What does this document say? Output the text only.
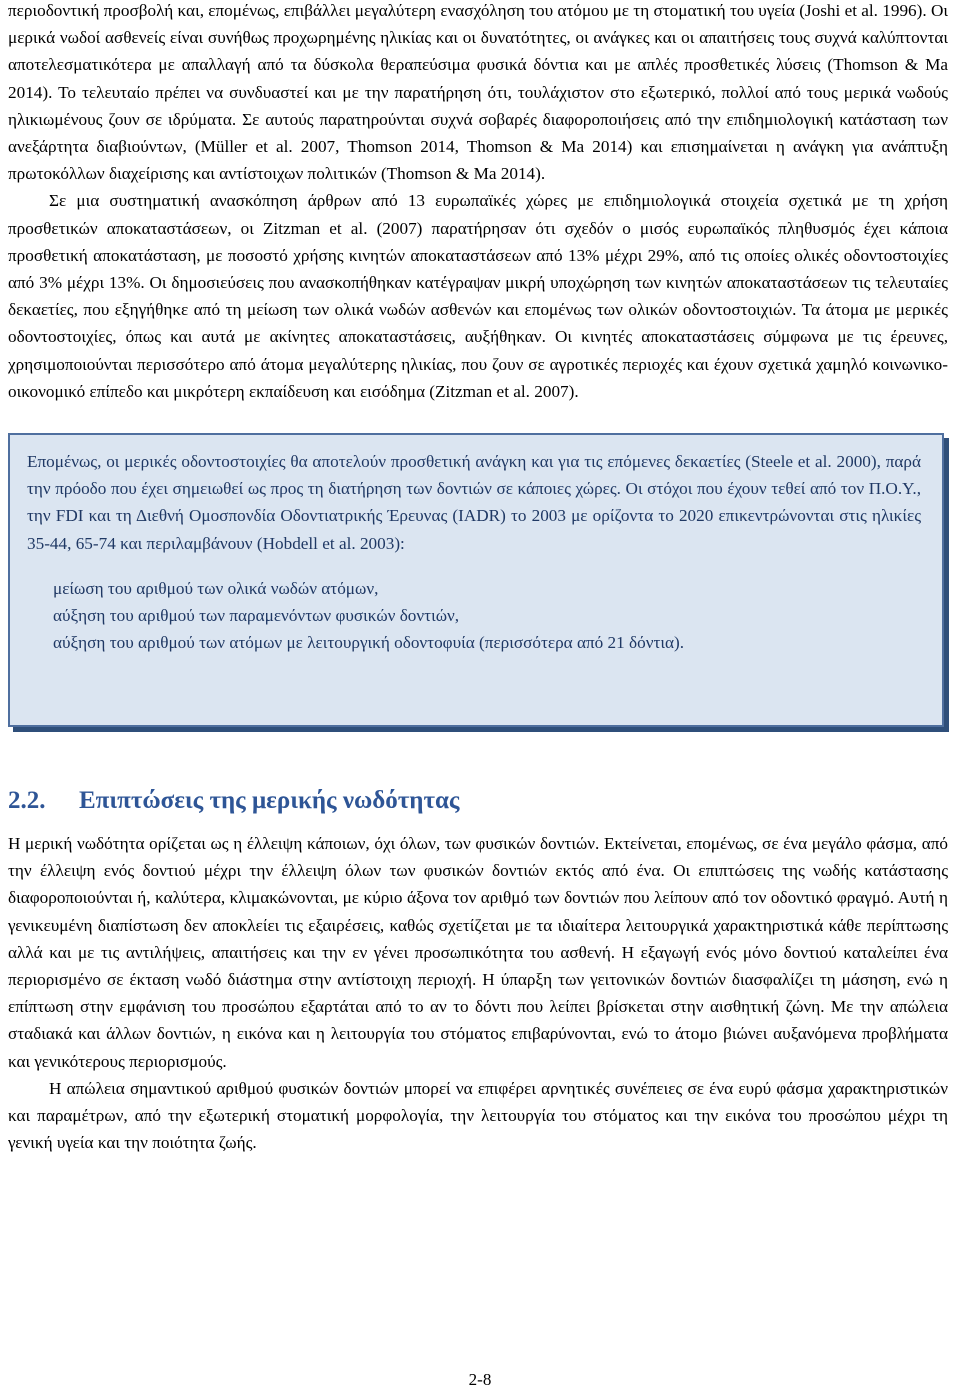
περιοδοντική προσβολή και, επομένως, επιβάλλει μεγαλύτερη ενασχόληση του ατόμου με τη στοματική του υγεία (Joshi et al. 1996). Οι μερικά νωδοί ασθενείς είναι συνήθως προχωρημένης ηλικίας και οι δυνατότητες, οι ανάγκες και οι απαιτήσεις τους συχνά καλύπτονται αποτελεσματικότερα με απαλλαγή από τα δύσκολα θεραπεύσιμα φυσικά δόντια και με απλές προσθετικές λύσεις (Thomson & Ma 2014). Το τελευταίο πρέπει να συνδυαστεί και με την παρατήρηση ότι, τουλάχιστον στο εξωτερικό, πολλοί από τους μερικά νωδούς ηλικιωμένους ζουν σε ιδρύματα. Σε αυτούς παρατηρούνται συχνά σοβαρές διαφοροποιήσεις από την επιδημιολογική κατάσταση των ανεξάρτητα διαβιούντων, (Müller et al. 2007, Thomson 2014, Thomson & Ma 2014) και επισημαίνεται η ανάγκη για ανάπτυξη πρωτοκόλλων διαχείρισης και αντίστοιχων πολιτικών (Thomson & Ma 2014).

Σε μια συστηματική ανασκόπηση άρθρων από 13 ευρωπαϊκές χώρες με επιδημιολογικά στοιχεία σχετικά με τη χρήση προσθετικών αποκαταστάσεων, οι Zitzman et al. (2007) παρατήρησαν ότι σχεδόν ο μισός ευρωπαϊκός πληθυσμός έχει κάποια προσθετική αποκατάσταση, με ποσοστό χρήσης κινητών αποκαταστάσεων από 13% μέχρι 29%, από τις οποίες ολικές οδοντοστοιχίες από 3% μέχρι 13%. Οι δημοσιεύσεις που ανασκοπήθηκαν κατέγραψαν μικρή υποχώρηση των κινητών αποκαταστάσεων τις τελευταίες δεκαετίες, που εξηγήθηκε από τη μείωση των ολικά νωδών ασθενών και επομένως των ολικών οδοντοστοιχιών. Τα άτομα με μερικές οδοντοστοιχίες, όπως και αυτά με ακίνητες αποκαταστάσεις, αυξήθηκαν. Οι κινητές αποκαταστάσεις σύμφωνα με τις έρευνες, χρησιμοποιούνται περισσότερο από άτομα μεγαλύτερης ηλικίας, που ζουν σε αγροτικές περιοχές και έχουν σχετικά χαμηλό κοινωνικο-οικονομικό επίπεδο και μικρότερη εκπαίδευση και εισόδημα (Zitzman et al. 2007).

Επομένως, οι μερικές οδοντοστοιχίες θα αποτελούν προσθετική ανάγκη και για τις επόμενες δεκαετίες (Steele et al. 2000), παρά την πρόοδο που έχει σημειωθεί ως προς τη διατήρηση των δοντιών σε κάποιες χώρες. Οι στόχοι που έχουν τεθεί από τον Π.Ο.Υ., την FDI και τη Διεθνή Ομοσπονδία Οδοντιατρικής Έρευνας (IADR) το 2003 με ορίζοντα το 2020 επικεντρώνονται στις ηλικίες 35-44, 65-74 και περιλαμβάνουν (Hobdell et al. 2003):

μείωση του αριθμού των ολικά νωδών ατόμων,
αύξηση του αριθμού των παραμενόντων φυσικών δοντιών,
αύξηση του αριθμού των ατόμων με λειτουργική οδοντοφυία (περισσότερα από 21 δόντια).
2.2.	Επιπτώσεις της μερικής νωδότητας

Η μερική νωδότητα ορίζεται ως η έλλειψη κάποιων, όχι όλων, των φυσικών δοντιών. Εκτείνεται, επομένως, σε ένα μεγάλο φάσμα, από την έλλειψη ενός δοντιού μέχρι την έλλειψη όλων των φυσικών δοντιών εκτός από ένα. Οι επιπτώσεις της νωδής κατάστασης διαφοροποιούνται ή, καλύτερα, κλιμακώνονται, με κύριο άξονα τον αριθμό των δοντιών που λείπουν από τον οδοντικό φραγμό. Αυτή η γενικευμένη διαπίστωση δεν αποκλείει τις εξαιρέσεις, καθώς σχετίζεται με τα ιδιαίτερα λειτουργικά χαρακτηριστικά κάθε περίπτωσης αλλά και με τις αντιλήψεις, απαιτήσεις και την εν γένει προσωπικότητα του ασθενή. Η εξαγωγή ενός μόνο δοντιού καταλείπει ένα περιορισμένο σε έκταση νωδό διάστημα στην αντίστοιχη περιοχή. Η ύπαρξη των γειτονικών δοντιών διασφαλίζει τη μάσηση, ενώ η επίπτωση στην εμφάνιση του προσώπου εξαρτάται από το αν το δόντι που λείπει βρίσκεται στην αισθητική ζώνη. Με την απώλεια σταδιακά και άλλων δοντιών, η εικόνα και η λειτουργία του στόματος επιβαρύνονται, ενώ το άτομο βιώνει αυξανόμενα προβλήματα και γενικότερους περιορισμούς.

Η απώλεια σημαντικού αριθμού φυσικών δοντιών μπορεί να επιφέρει αρνητικές συνέπειες σε ένα ευρύ φάσμα χαρακτηριστικών και παραμέτρων, από την εξωτερική στοματική μορφολογία, την λειτουργία του στόματος και την εικόνα του προσώπου μέχρι τη γενική υγεία και την ποιότητα ζωής.

2-8
